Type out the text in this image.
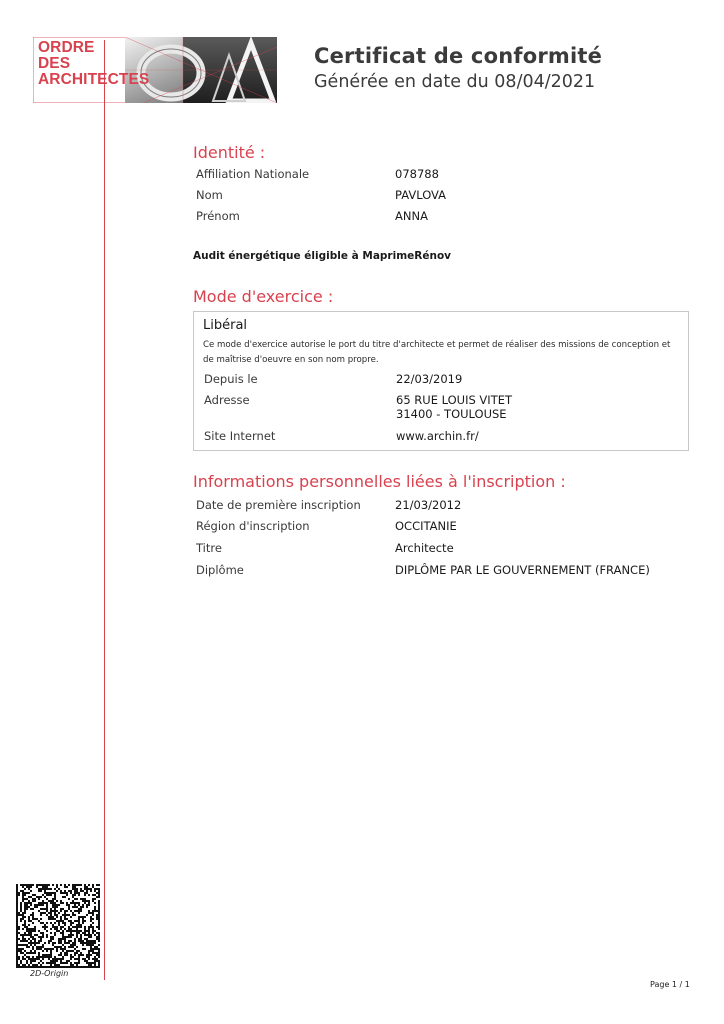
ORDRE
DES
ARCHITECTES
Certificat de conformité

Générée en date du 08/04/2021

Identité :
Affiliation Nationale	078788
Nom	PAVLOVA
Prénom	ANNA
Audit énergétique éligible à MaprimeRénov
Mode d'exercice :
Libéral
Ce mode d'exercice autorise le port du titre d'architecte et permet de réaliser des missions de conception et de maîtrise d'oeuvre en son nom propre.
Depuis le	22/03/2019
Adresse	65 RUE LOUIS VITET
31400 - TOULOUSE
Site Internet	www.archin.fr/
Informations personnelles liées à l'inscription :
Date de première inscription	21/03/2012
Région d'inscription	OCCITANIE
Titre	Architecte
Diplôme	DIPLÔME PAR LE GOUVERNEMENT (FRANCE)
2D-Origin
Page 1 / 1
